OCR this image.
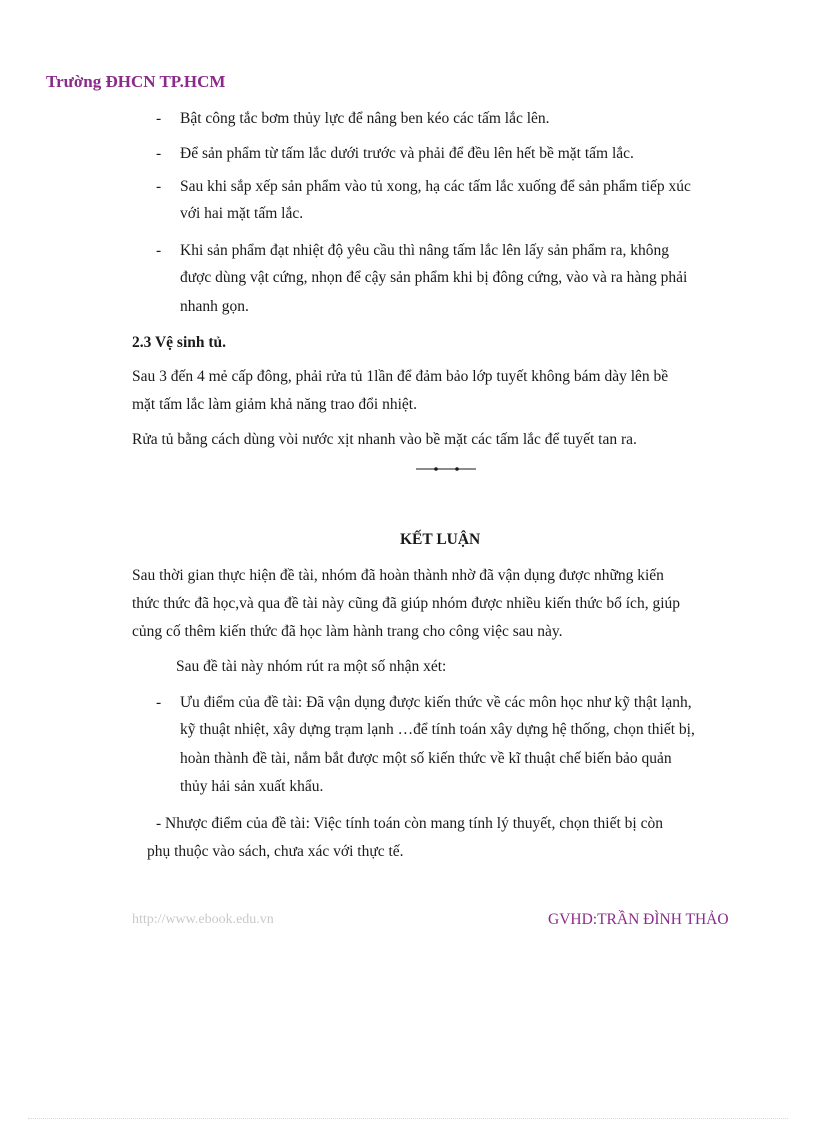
Trường ĐHCN TP.HCM
- Bật công tắc bơm thủy lực để nâng ben kéo các tấm lắc lên.
- Để sản phẩm từ tấm lắc dưới trước và phải để đều lên hết bề mặt tấm lắc.
- Sau khi sắp xếp sản phẩm vào tủ xong, hạ các tấm lắc xuống để sản phẩm tiếp xúc
với hai mặt tấm lắc.
- Khi sản phẩm đạt nhiệt độ yêu cầu thì nâng tấm lắc lên lấy sản phẩm ra, không
được dùng vật cứng, nhọn để cậy sản phẩm khi bị đông cứng, vào và ra hàng phải
nhanh gọn.
2.3 Vệ sinh tủ.
Sau 3 đến 4 mẻ cấp đông, phải rửa tủ 1lần để đảm bảo lớp tuyết không bám dày lên bề
mặt tấm lắc làm giảm khả năng trao đổi nhiệt.
Rửa tủ bằng cách dùng vòi nước xịt nhanh vào bề mặt các tấm lắc để tuyết tan ra.
KẾT LUẬN
Sau thời gian thực hiện đề tài, nhóm đã hoàn thành nhờ đã vận dụng được những kiến
thức thức đã học,và qua đề tài này cũng đã giúp nhóm được nhiều kiến thức bổ ích, giúp
củng cố thêm kiến thức đã học làm hành trang cho công việc sau này.
Sau đề tài này nhóm rút ra một số nhận xét:
- Ưu điểm của đề tài: Đã vận dụng được kiến thức về các môn học như kỹ thật lạnh,
kỹ thuật nhiệt, xây dựng trạm lạnh …để tính toán xây dựng hệ thống, chọn thiết bị,
hoàn thành đề tài, nắm bắt được một số kiến thức về kĩ thuật chế biến bảo quản
thủy hải sản xuất khẩu.
- Nhược điểm của đề tài: Việc tính toán còn mang tính lý thuyết, chọn thiết bị còn
phụ thuộc vào sách, chưa xác với thực tế.
http://www.ebook.edu.vn	GVHD:TRẦN ĐÌNH THẢO
